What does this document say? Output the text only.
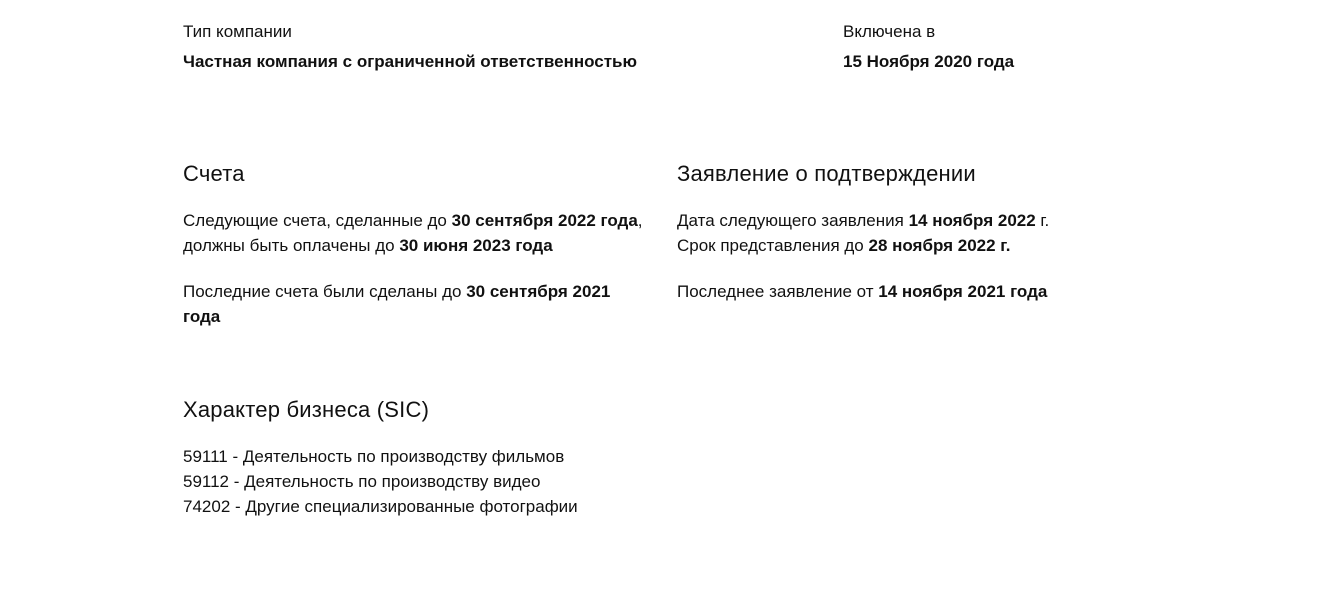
Тип компании
Частная компания с ограниченной ответственностью
Включена в
15 Ноября 2020 года
Счета
Следующие счета, сделанные до 30 сентября 2022 года, должны быть оплачены до 30 июня 2023 года
Последние счета были сделаны до 30 сентября 2021 года
Заявление о подтверждении
Дата следующего заявления 14 ноября 2022 г. Срок представления до 28 ноября 2022 г.
Последнее заявление от 14 ноября 2021 года
Характер бизнеса (SIC)
59111 - Деятельность по производству фильмов
59112 - Деятельность по производству видео
74202 - Другие специализированные фотографии
